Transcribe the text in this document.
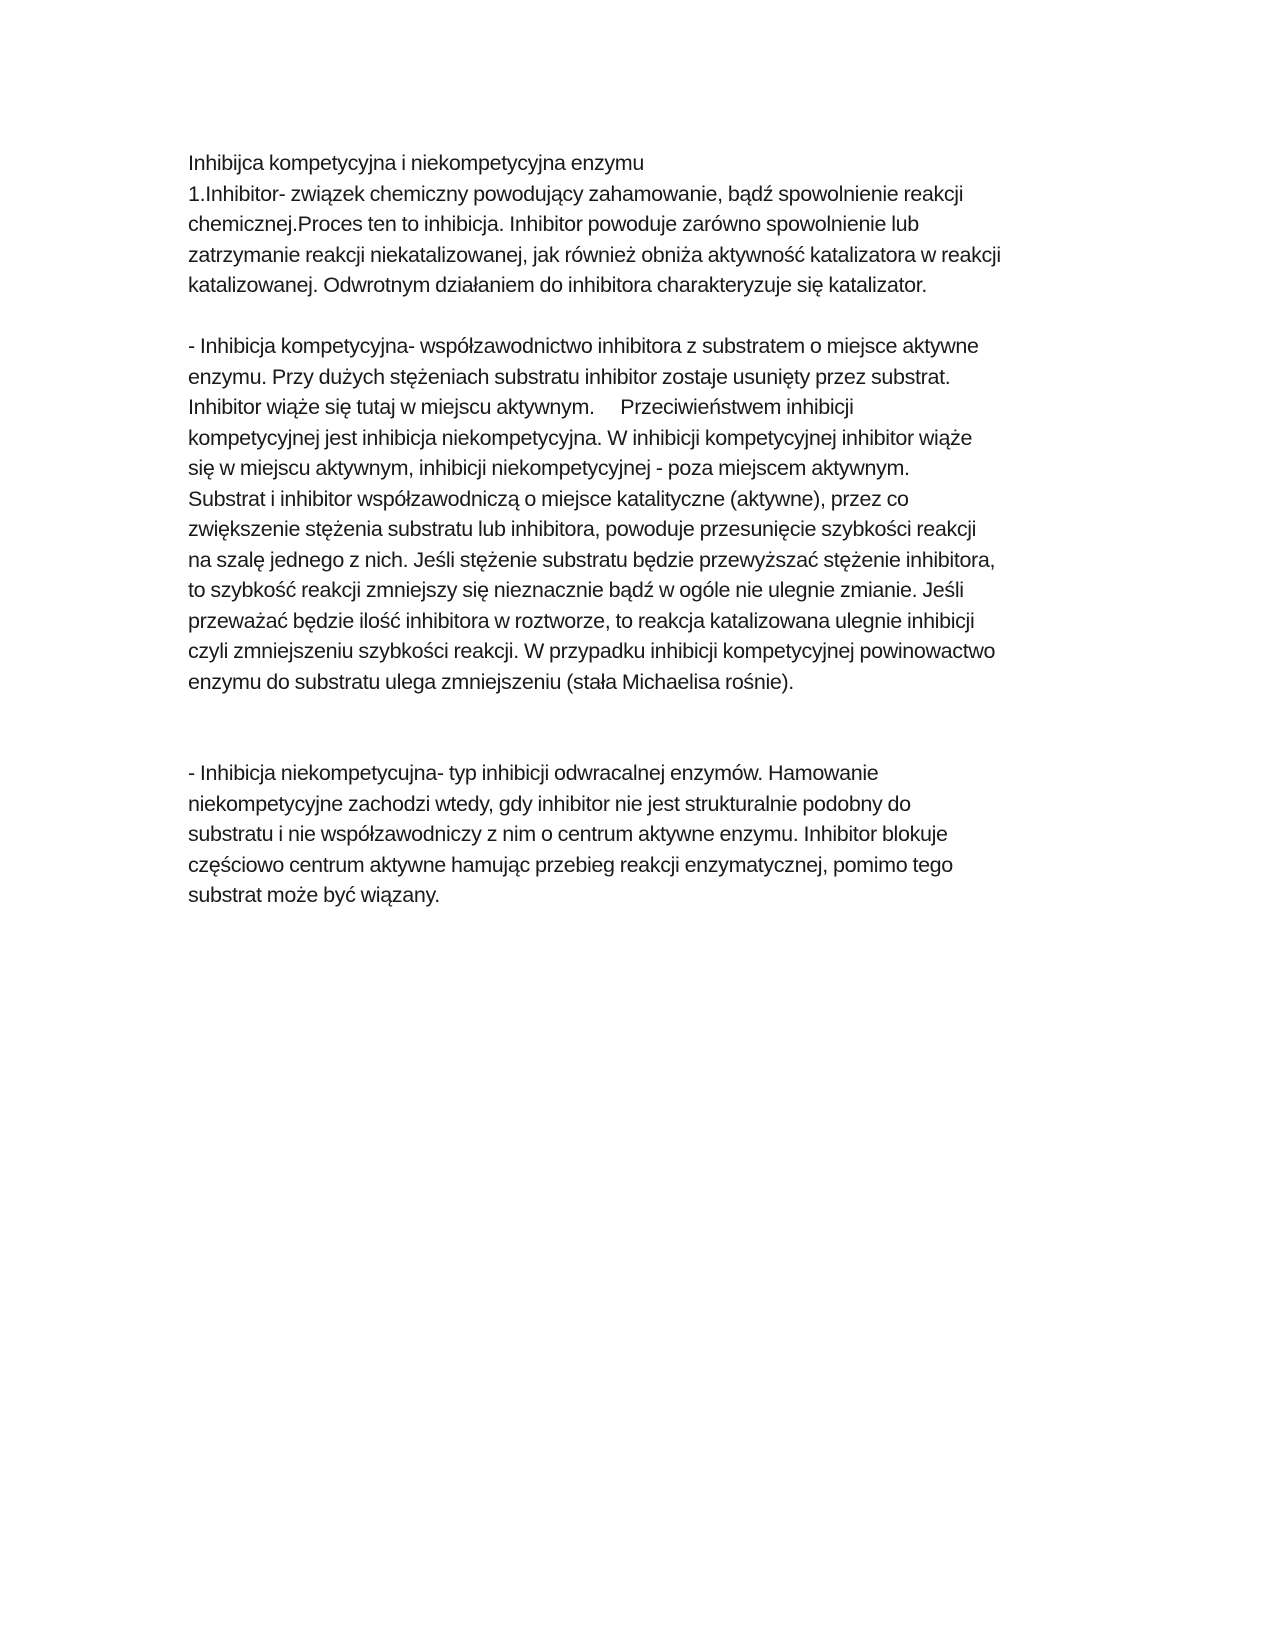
Inhibijca kompetycyjna i niekompetycyjna enzymu
1.Inhibitor- związek chemiczny powodujący zahamowanie, bądź spowolnienie reakcji
chemicznej.Proces ten to inhibicja. Inhibitor powoduje zarówno spowolnienie lub
zatrzymanie reakcji niekatalizowanej, jak również obniża aktywność katalizatora w reakcji
katalizowanej. Odwrotnym działaniem do inhibitora charakteryzuje się katalizator.
- Inhibicja kompetycyjna- współzawodnictwo inhibitora z substratem o miejsce aktywne
enzymu. Przy dużych stężeniach substratu inhibitor zostaje usunięty przez substrat.
Inhibitor wiąże się tutaj w miejscu aktywnym.     Przeciwieństwem inhibicji
kompetycyjnej jest inhibicja niekompetycyjna. W inhibicji kompetycyjnej inhibitor wiąże
się w miejscu aktywnym, inhibicji niekompetycyjnej - poza miejscem aktywnym.
Substrat i inhibitor współzawodniczą o miejsce katalityczne (aktywne), przez co
zwiększenie stężenia substratu lub inhibitora, powoduje przesunięcie szybkości reakcji
na szalę jednego z nich. Jeśli stężenie substratu będzie przewyższać stężenie inhibitora,
to szybkość reakcji zmniejszy się nieznacznie bądź w ogóle nie ulegnie zmianie. Jeśli
przeważać będzie ilość inhibitora w roztworze, to reakcja katalizowana ulegnie inhibicji
czyli zmniejszeniu szybkości reakcji. W przypadku inhibicji kompetycyjnej powinowactwo
enzymu do substratu ulega zmniejszeniu (stała Michaelisa rośnie).
- Inhibicja niekompetycujna- typ inhibicji odwracalnej enzymów. Hamowanie
niekompetycyjne zachodzi wtedy, gdy inhibitor nie jest strukturalnie podobny do
substratu i nie współzawodniczy z nim o centrum aktywne enzymu. Inhibitor blokuje
częściowo centrum aktywne hamując przebieg reakcji enzymatycznej, pomimo tego
substrat może być wiązany.
